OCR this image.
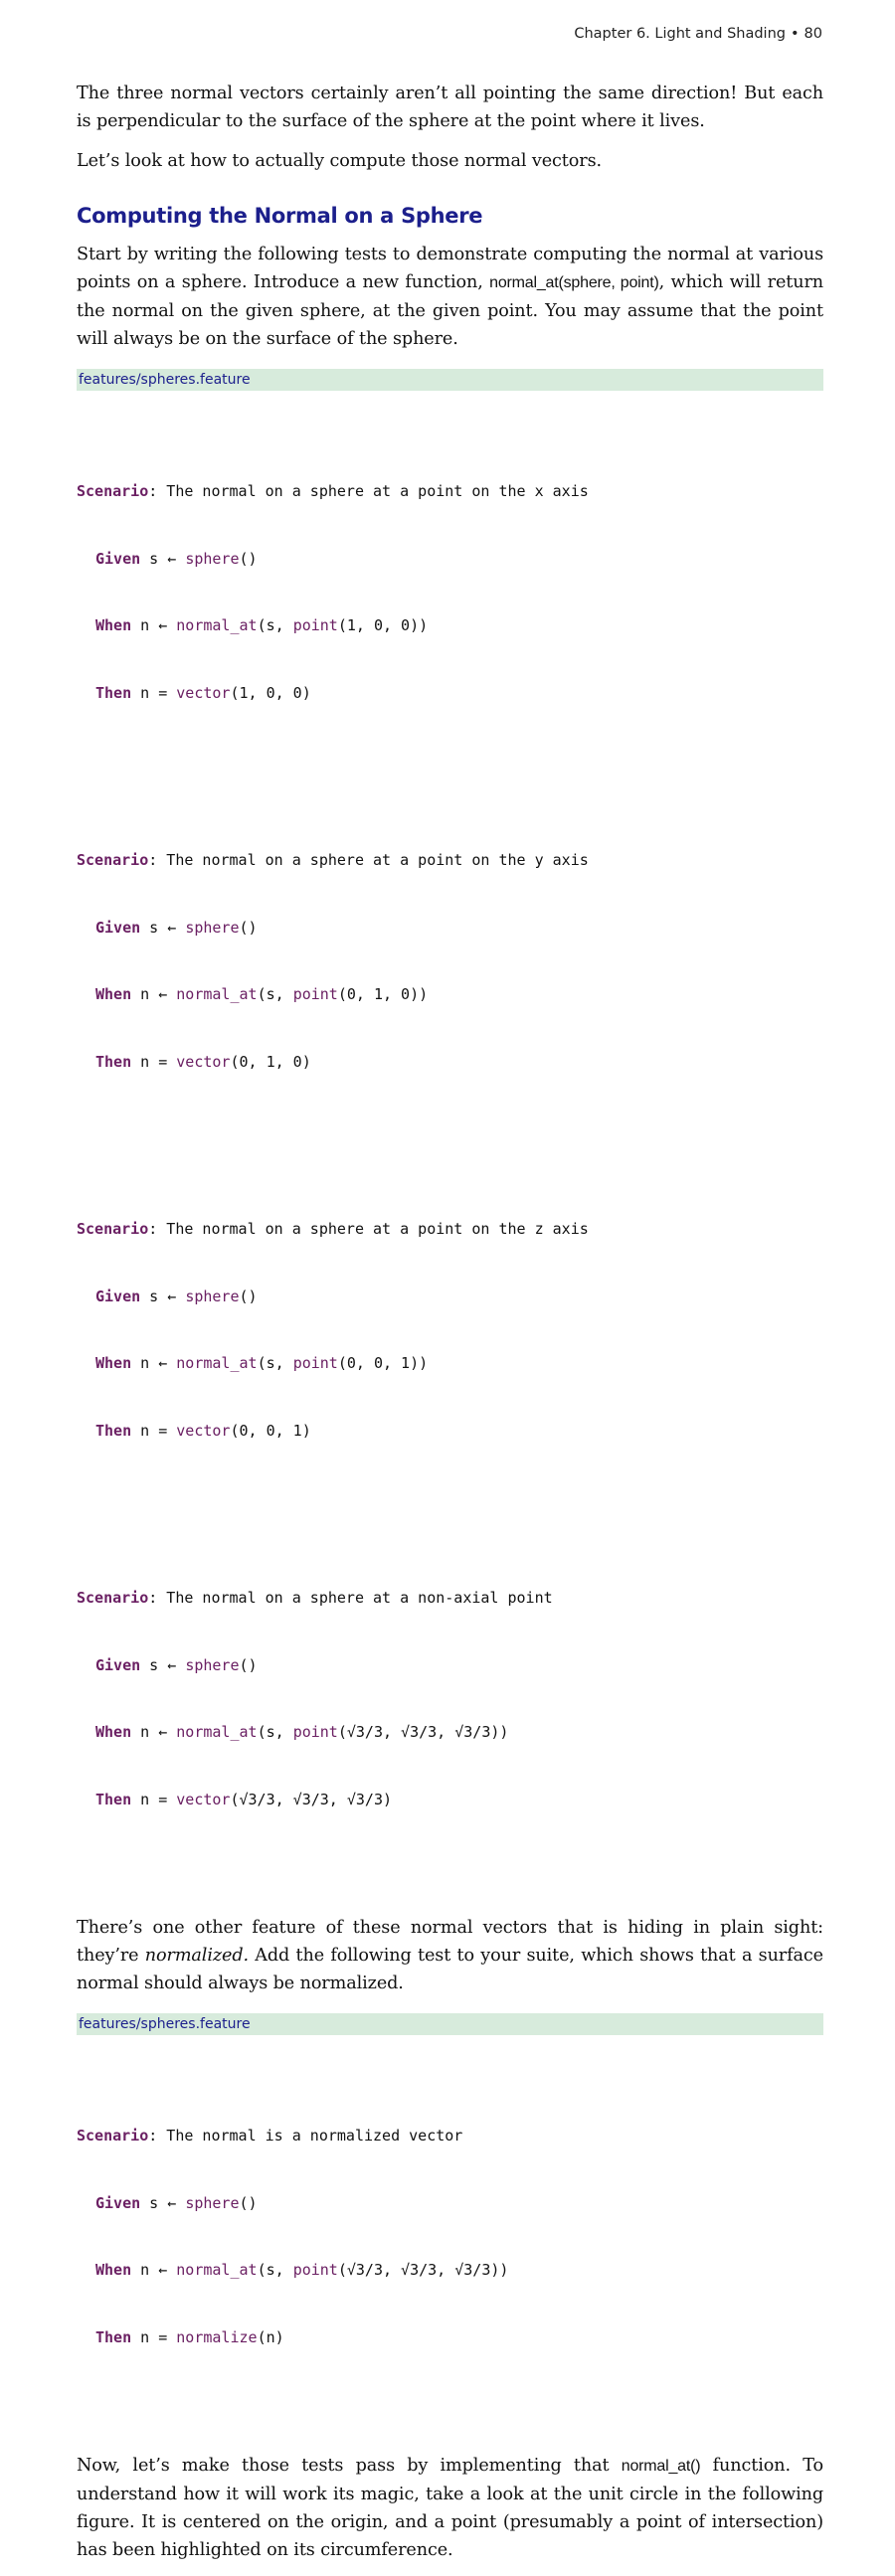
Chapter 6. Light and Shading • 80

The three normal vectors certainly aren’t all pointing the same direction! But each is perpendicular to the surface of the sphere at the point where it lives.

Let’s look at how to actually compute those normal vectors.

Computing the Normal on a Sphere

Start by writing the following tests to demonstrate computing the normal at various points on a sphere. Introduce a new function, normal_at(sphere, point), which will return the normal on the given sphere, at the given point. You may assume that the point will always be on the surface of the sphere.

features/spheres.feature

Scenario: The normal on a sphere at a point on the x axis

Given s ← sphere()

When n ← normal_at(s, point(1, 0, 0))

Then n = vector(1, 0, 0)

Scenario: The normal on a sphere at a point on the y axis

Given s ← sphere()

When n ← normal_at(s, point(0, 1, 0))

Then n = vector(0, 1, 0)

Scenario: The normal on a sphere at a point on the z axis

Given s ← sphere()

When n ← normal_at(s, point(0, 0, 1))

Then n = vector(0, 0, 1)

Scenario: The normal on a sphere at a non-axial point

Given s ← sphere()

When n ← normal_at(s, point(√3/3, √3/3, √3/3))

Then n = vector(√3/3, √3/3, √3/3)

There’s one other feature of these normal vectors that is hiding in plain sight: they’re normalized. Add the following test to your suite, which shows that a surface normal should always be normalized.

features/spheres.feature

Scenario: The normal is a normalized vector

Given s ← sphere()

When n ← normal_at(s, point(√3/3, √3/3, √3/3))

Then n = normalize(n)

Now, let’s make those tests pass by implementing that normal_at() function. To understand how it will work its magic, take a look at the unit circle in the following figure. It is centered on the origin, and a point (presumably a point of intersection) has been highlighted on its circumference.
